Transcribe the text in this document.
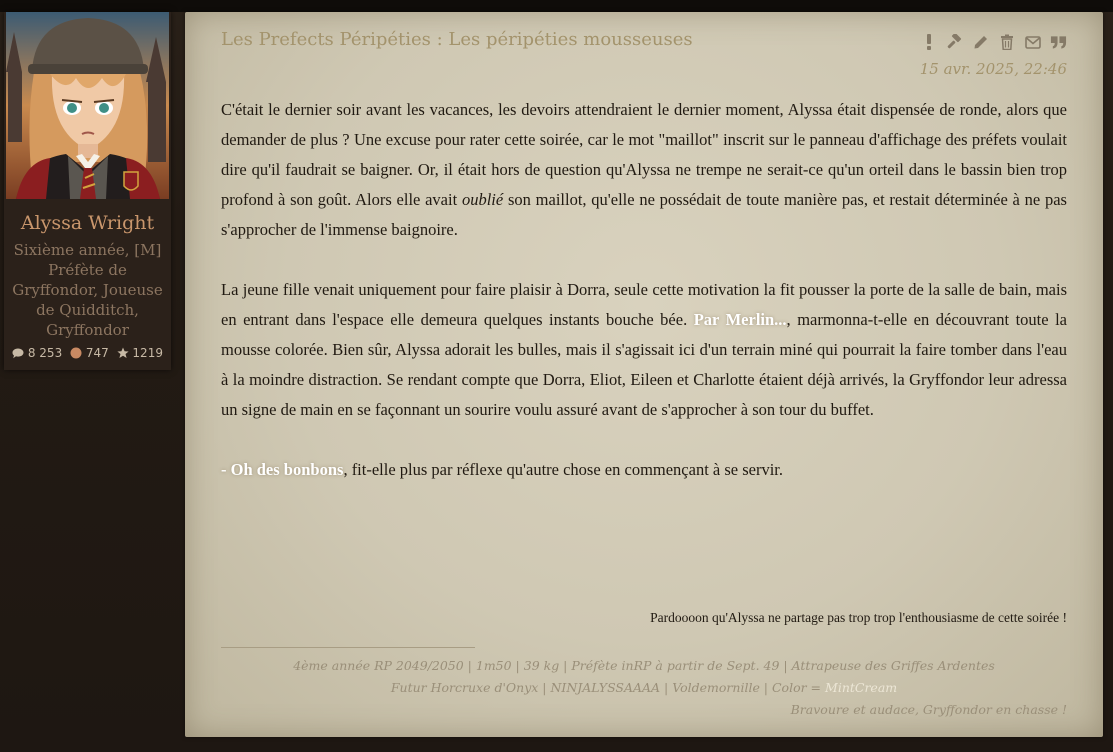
Alyssa Wright
Sixième année, [M] Préfète de Gryffondor, Joueuse de Quidditch, Gryffondor
8 253 747 1219
Les Prefects Péripéties : Les péripéties mousseuses
15 avr. 2025, 22:46

C'était le dernier soir avant les vacances, les devoirs attendraient le dernier moment, Alyssa était dispensée de ronde, alors que demander de plus ? Une excuse pour rater cette soirée, car le mot "maillot" inscrit sur le panneau d'affichage des préfets voulait dire qu'il faudrait se baigner. Or, il était hors de question qu'Alyssa ne trempe ne serait-ce qu'un orteil dans le bassin bien trop profond à son goût. Alors elle avait oublié son maillot, qu'elle ne possédait de toute manière pas, et restait déterminée à ne pas s'approcher de l'immense baignoire.

La jeune fille venait uniquement pour faire plaisir à Dorra, seule cette motivation la fit pousser la porte de la salle de bain, mais en entrant dans l'espace elle demeura quelques instants bouche bée. Par Merlin..., marmonna-t-elle en découvrant toute la mousse colorée. Bien sûr, Alyssa adorait les bulles, mais il s'agissait ici d'un terrain miné qui pourrait la faire tomber dans l'eau à la moindre distraction. Se rendant compte que Dorra, Eliot, Eileen et Charlotte étaient déjà arrivés, la Gryffondor leur adressa un signe de main en se façonnant un sourire voulu assuré avant de s'approcher à son tour du buffet.

- Oh des bonbons, fit-elle plus par réflexe qu'autre chose en commençant à se servir.

Pardoooon qu'Alyssa ne partage pas trop trop l'enthousiasme de cette soirée !
4ème année RP 2049/2050 | 1m50 | 39 kg | Préfète inRP à partir de Sept. 49 | Attrapeuse des Griffes Ardentes
Futur Horcruxe d'Onyx | NINJALYSSAAAA | Voldemornille | Color = MintCream
Bravoure et audace, Gryffondor en chasse !
